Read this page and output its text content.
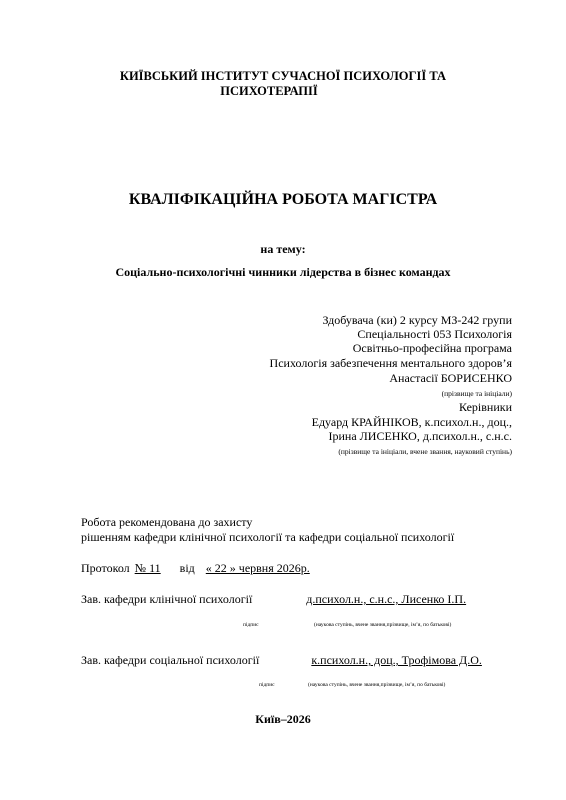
КИЇВСЬКИЙ ІНСТИТУТ СУЧАСНОЇ ПСИХОЛОГІЇ ТА
ПСИХОТЕРАПІЇ
КВАЛІФІКАЦІЙНА РОБОТА МАГІСТРА
на тему:
Соціально-психологічні чинники лідерства в бізнес командах
Здобувача (ки) 2 курсу МЗ-242 групи
Спеціальності 053 Психологія
Освітньо-професійна програма
Психологія забезпечення ментального здоров’я
Анастасії БОРИСЕНКО
(прізвище та ініціали)
Керівники
Едуард КРАЙНІКОВ, к.психол.н., доц.,
Ірина ЛИСЕНКО, д.психол.н., с.н.с.
(прізвище та ініціали, вчене звання, науковий ступінь)
Робота рекомендована до захисту
рішенням кафедри клінічної психології та кафедри соціальної психології
Протокол № 11 від « 22 » червня 2026р.
Зав. кафедри клінічної психології	д.психол.н., с.н.с., Лисенко І.П.
підпис	(наукова ступінь, вчене звання,прізвище, ім’я, по батькові)
Зав. кафедри соціальної психології	к.психол.н., доц., Трофімова Д.О.
підпис	(наукова ступінь, вчене звання,прізвище, ім’я, по батькові)
Київ–2026
